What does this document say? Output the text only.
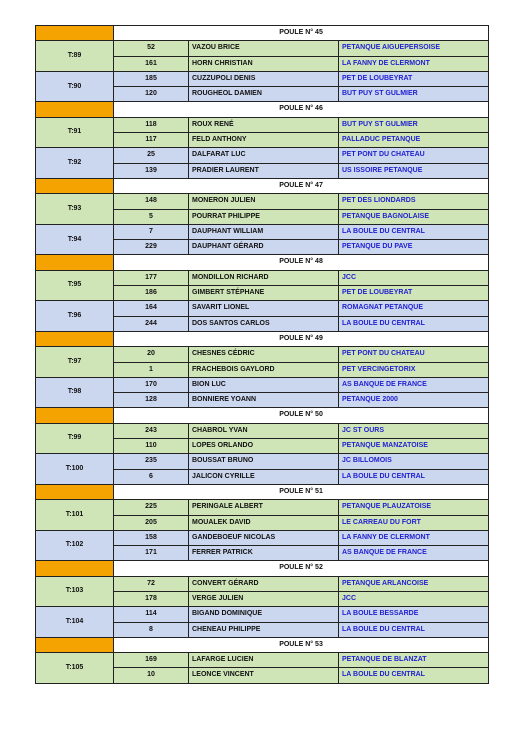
	POULE N° 45		
T:89	52	VAZOU BRICE	PETANQUE AIGUEPERSOISE
	161	HORN CHRISTIAN	LA FANNY DE CLERMONT
T:90	185	CUZZUPOLI DENIS	PET DE LOUBEYRAT
	120	ROUGHEOL DAMIEN	BUT PUY ST GULMIER
	POULE N° 46		
T:91	118	ROUX RENÉ	BUT PUY ST GULMIER
	117	FELD ANTHONY	PALLADUC PETANQUE
T:92	25	DALFARAT LUC	PET PONT DU CHATEAU
	139	PRADIER LAURENT	US ISSOIRE PETANQUE
	POULE N° 47		
T:93	148	MONERON JULIEN	PET DES LIONDARDS
	5	POURRAT PHILIPPE	PETANQUE BAGNOLAISE
T:94	7	DAUPHANT WILLIAM	LA BOULE DU CENTRAL
	229	DAUPHANT GÉRARD	PETANQUE DU PAVE
	POULE N° 48		
T:95	177	MONDILLON RICHARD	JCC
	186	GIMBERT STÉPHANE	PET DE LOUBEYRAT
T:96	164	SAVARIT LIONEL	ROMAGNAT PETANQUE
	244	DOS SANTOS CARLOS	LA BOULE DU CENTRAL
	POULE N° 49		
T:97	20	CHESNES CÉDRIC	PET PONT DU CHATEAU
	1	FRACHEBOIS GAYLORD	PET VERCINGETORIX
T:98	170	BION LUC	AS BANQUE DE FRANCE
	128	BONNIERE YOANN	PETANQUE 2000
	POULE N° 50		
T:99	243	CHABROL YVAN	JC ST OURS
	110	LOPES ORLANDO	PETANQUE MANZATOISE
T:100	235	BOUSSAT BRUNO	JC BILLOMOIS
	6	JALICON CYRILLE	LA BOULE DU CENTRAL
	POULE N° 51		
T:101	225	PERINGALE ALBERT	PETANQUE PLAUZATOISE
	205	MOUALEK DAVID	LE CARREAU DU FORT
T:102	158	GANDEBOEUF NICOLAS	LA FANNY DE CLERMONT
	171	FERRER PATRICK	AS BANQUE DE FRANCE
	POULE N° 52		
T:103	72	CONVERT GÉRARD	PETANQUE ARLANCOISE
	178	VERGE JULIEN	JCC
T:104	114	BIGAND DOMINIQUE	LA BOULE BESSARDE
	8	CHENEAU PHILIPPE	LA BOULE DU CENTRAL
	POULE N° 53		
T:105	169	LAFARGE LUCIEN	PETANQUE DE BLANZAT
	10	LEONCE VINCENT	LA BOULE DU CENTRAL
